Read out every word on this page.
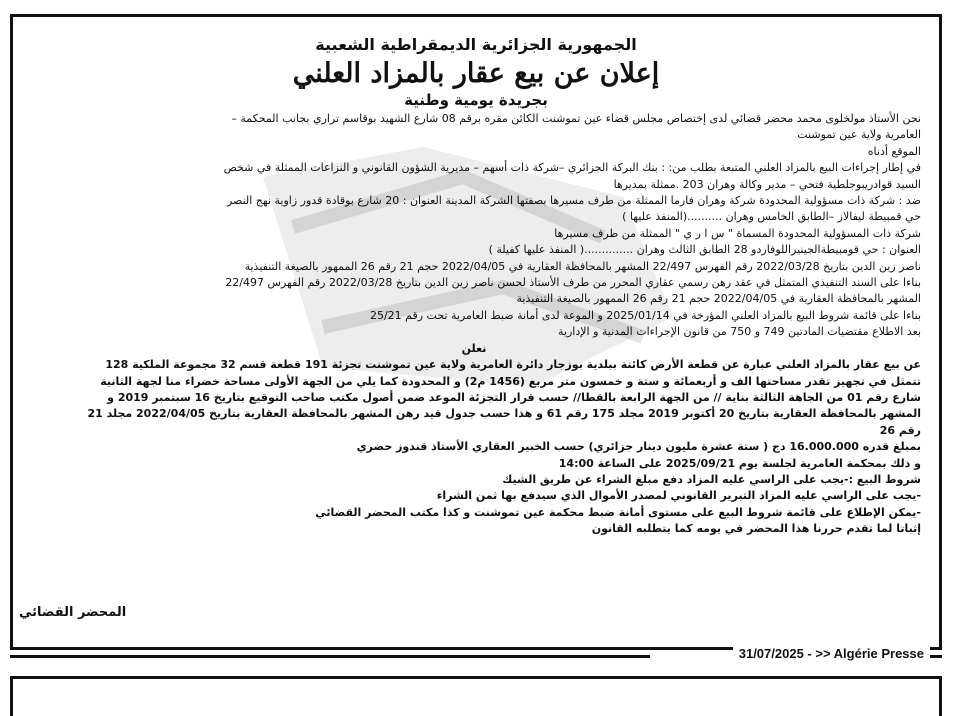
الجمهورية الجزائرية الديمقراطية الشعبية
إعلان عن بيع عقار بالمزاد العلني
بجريدة يومية وطنية

نحن الأستاذ مولخلوى محمد محضر قضائي لدى إختصاص مجلس قضاء عين تموشنت الكائن مقره برقم 08 شارع الشهيد بوقاسم تراري بجانب المحكمة –

العامرية ولاية عين تموشنت

الموقع أدناه

في إطار إجراءات البيع بالمزاد العلني المتبعة بطلب من: : بنك البركة الجزائري –شركة ذات أسهم – مديرية الشؤون القانوني و النزاعات الممثلة في شخص

السيد قوادريبوجلطية فتحي – مدير وكالة وهران 203 .ممثلة بمديرها

ضد : شركة ذات مسؤولية المحدودة شركة وهران فارما الممثلة من طرف مسيرها بصفتها الشركة المدينة العنوان : 20 شارع بوقادة قدور زاوية نهج النصر

حي قمبيطة ليفالاز –الطابق الخامس وهران ..........(المنفذ عليها )

شركة ذات المسؤولية المحدودة المسماة " س ا ر ي " الممثلة من طرف مسيرها

العنوان : حي قومبيطةالجينيراللوفاردو 28 الطابق الثالث وهران ..............( المنفذ عليها كفيلة )

ناصر زين الدين بتاريخ 2022/03/28 رقم الفهرس 22/497 المشهر بالمحافظة العقارية في 2022/04/05 حجم 21 رقم 26 الممهور بالصيغة التنفيذية

بناءا على السند التنفيذي المتمثل في عقد رهن رسمي عقاري المحرر من طرف الأستاذ لحسن ناصر زين الدين بتاريخ 2022/03/28 رقم الفهرس 22/497

المشهر بالمحافظة العقارية في 2022/04/05 حجم 21 رقم 26 الممهور بالصيغة التنفيذية

بناءا على قائمة شروط البيع بالمزاد العلني المؤرخة في 2025/01/14 و الموعة لدى أمانة ضبط العامرية تحت رقم 25/21

بعد الاطلاع مقتضيات المادتين 749 و 750 من قانون الإجراءات المدنية و الإدارية

نعلن

عن بيع عقار بالمزاد العلني عبارة عن قطعة الأرض كائنة ببلدية بوزجار دائرة العامرية ولاية عين تموشنت تجزئة 191 قطعة قسم 32 مجموعة الملكية 128

تتمثل في تجهيز تقدر مساحتها الف و أربعمائة و ستة و خمسون متر مربع (1456 م2) و المحدودة كما يلي من الجهة الأولى مساحة خضراء منا لجهة الثانية

شارع رقم 01 من الجاهة الثالثة بناية // من الجهة الرابعة بالقطا// حسب قرار التجزئة الموعد ضمن أصول مكتب صاحب التوقيع بتاريخ 16 سبتمبر 2019 و

المشهر بالمحافظة العقارية بتاريخ 20 أكتوبر 2019 مجلد 175 رقم 61 و هذا حسب جدول قيد رهن المشهر بالمحافظة العقارية بتاريخ 2022/04/05 مجلد 21

رقم 26

بمبلغ قدره 16.000.000 دج ( ستة عشرة مليون دينار جزائري) حسب الخبير العقاري الأستاذ قندوز حضري

و ذلك بمحكمة العامرية لجلسة يوم 2025/09/21 على الساعة 14:00

شروط البيع :-يجب على الراسي عليه المزاد دفع مبلغ الشراء عن طريق الشيك

-يجب على الراسي عليه المزاد التبرير القانوني لمصدر الأموال الذي سيدفع بها ثمن الشراء

-يمكن الإطلاع على قائمة شروط البيع على مستوى أمانة ضبط محكمة عين تموشنت و كذا مكتب المحضر القضائي

إثباتا لما تقدم حررنا هذا المحضر في يومه كما يتطلبه القانون

المحضر القضائي
31/07/2025 - >> Algérie Presse
